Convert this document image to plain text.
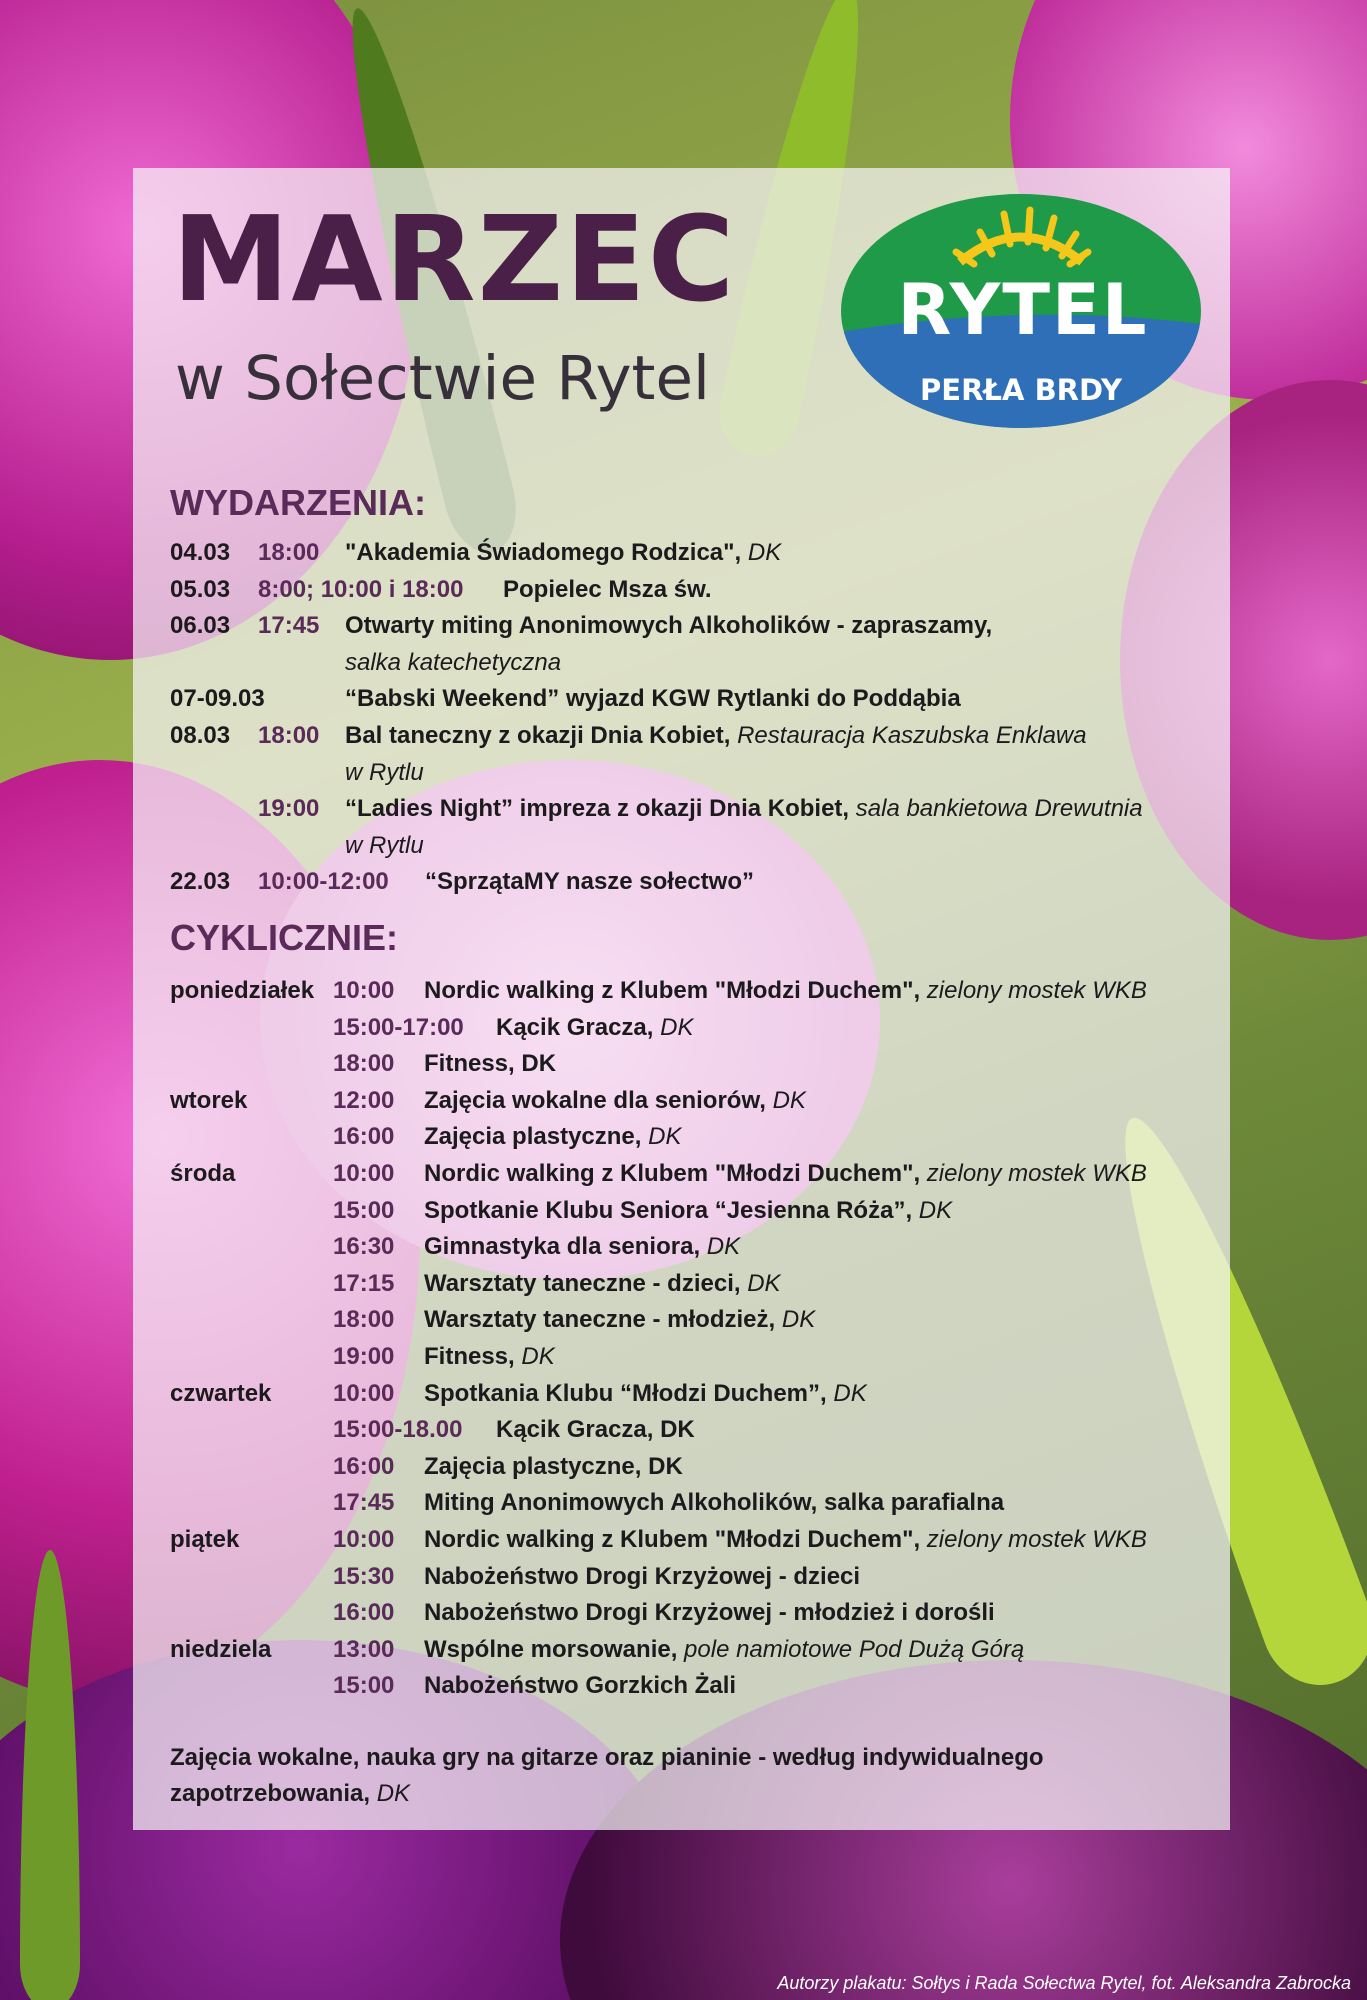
MARZEC

w Sołectwie Rytel

RYTEL
PERŁA BRDY
WYDARZENIA:
04.03 18:00 "Akademia Świadomego Rodzica", DK
05.03 8:00; 10:00 i 18:00 Popielec Msza św.
06.03 17:45 Otwarty miting Anonimowych Alkoholików - zapraszamy,
salka katechetyczna
07-09.03	“Babski Weekend” wyjazd KGW Rytlanki do Poddąbia
08.03 18:00 Bal taneczny z okazji Dnia Kobiet, Restauracja Kaszubska Enklawa
w Rytlu
19:00 “Ladies Night” impreza z okazji Dnia Kobiet, sala bankietowa Drewutnia
w Rytlu
22.03 10:00-12:00 “SprzątaMY nasze sołectwo”
CYKLICZNIE:
poniedziałek 10:00 Nordic walking z Klubem "Młodzi Duchem", zielony mostek WKB
15:00-17:00 Kącik Gracza, DK
18:00 Fitness, DK
wtorek	12:00 Zajęcia wokalne dla seniorów, DK
16:00 Zajęcia plastyczne, DK
środa	10:00 Nordic walking z Klubem "Młodzi Duchem", zielony mostek WKB
15:00 Spotkanie Klubu Seniora “Jesienna Róża”, DK
16:30 Gimnastyka dla seniora, DK
17:15 Warsztaty taneczne - dzieci, DK
18:00 Warsztaty taneczne - młodzież, DK
19:00 Fitness, DK
czwartek	10:00 Spotkania Klubu “Młodzi Duchem”, DK
15:00-18.00 Kącik Gracza, DK
16:00 Zajęcia plastyczne, DK
17:45 Miting Anonimowych Alkoholików, salka parafialna
piątek	10:00 Nordic walking z Klubem "Młodzi Duchem", zielony mostek WKB
15:30 Nabożeństwo Drogi Krzyżowej - dzieci
16:00 Nabożeństwo Drogi Krzyżowej - młodzież i dorośli
niedziela	13:00 Wspólne morsowanie, pole namiotowe Pod Dużą Górą
15:00 Nabożeństwo Gorzkich Żali

Zajęcia wokalne, nauka gry na gitarze oraz pianinie - według indywidualnego zapotrzebowania, DK

Autorzy plakatu: Sołtys i Rada Sołectwa Rytel, fot. Aleksandra Zabrocka
